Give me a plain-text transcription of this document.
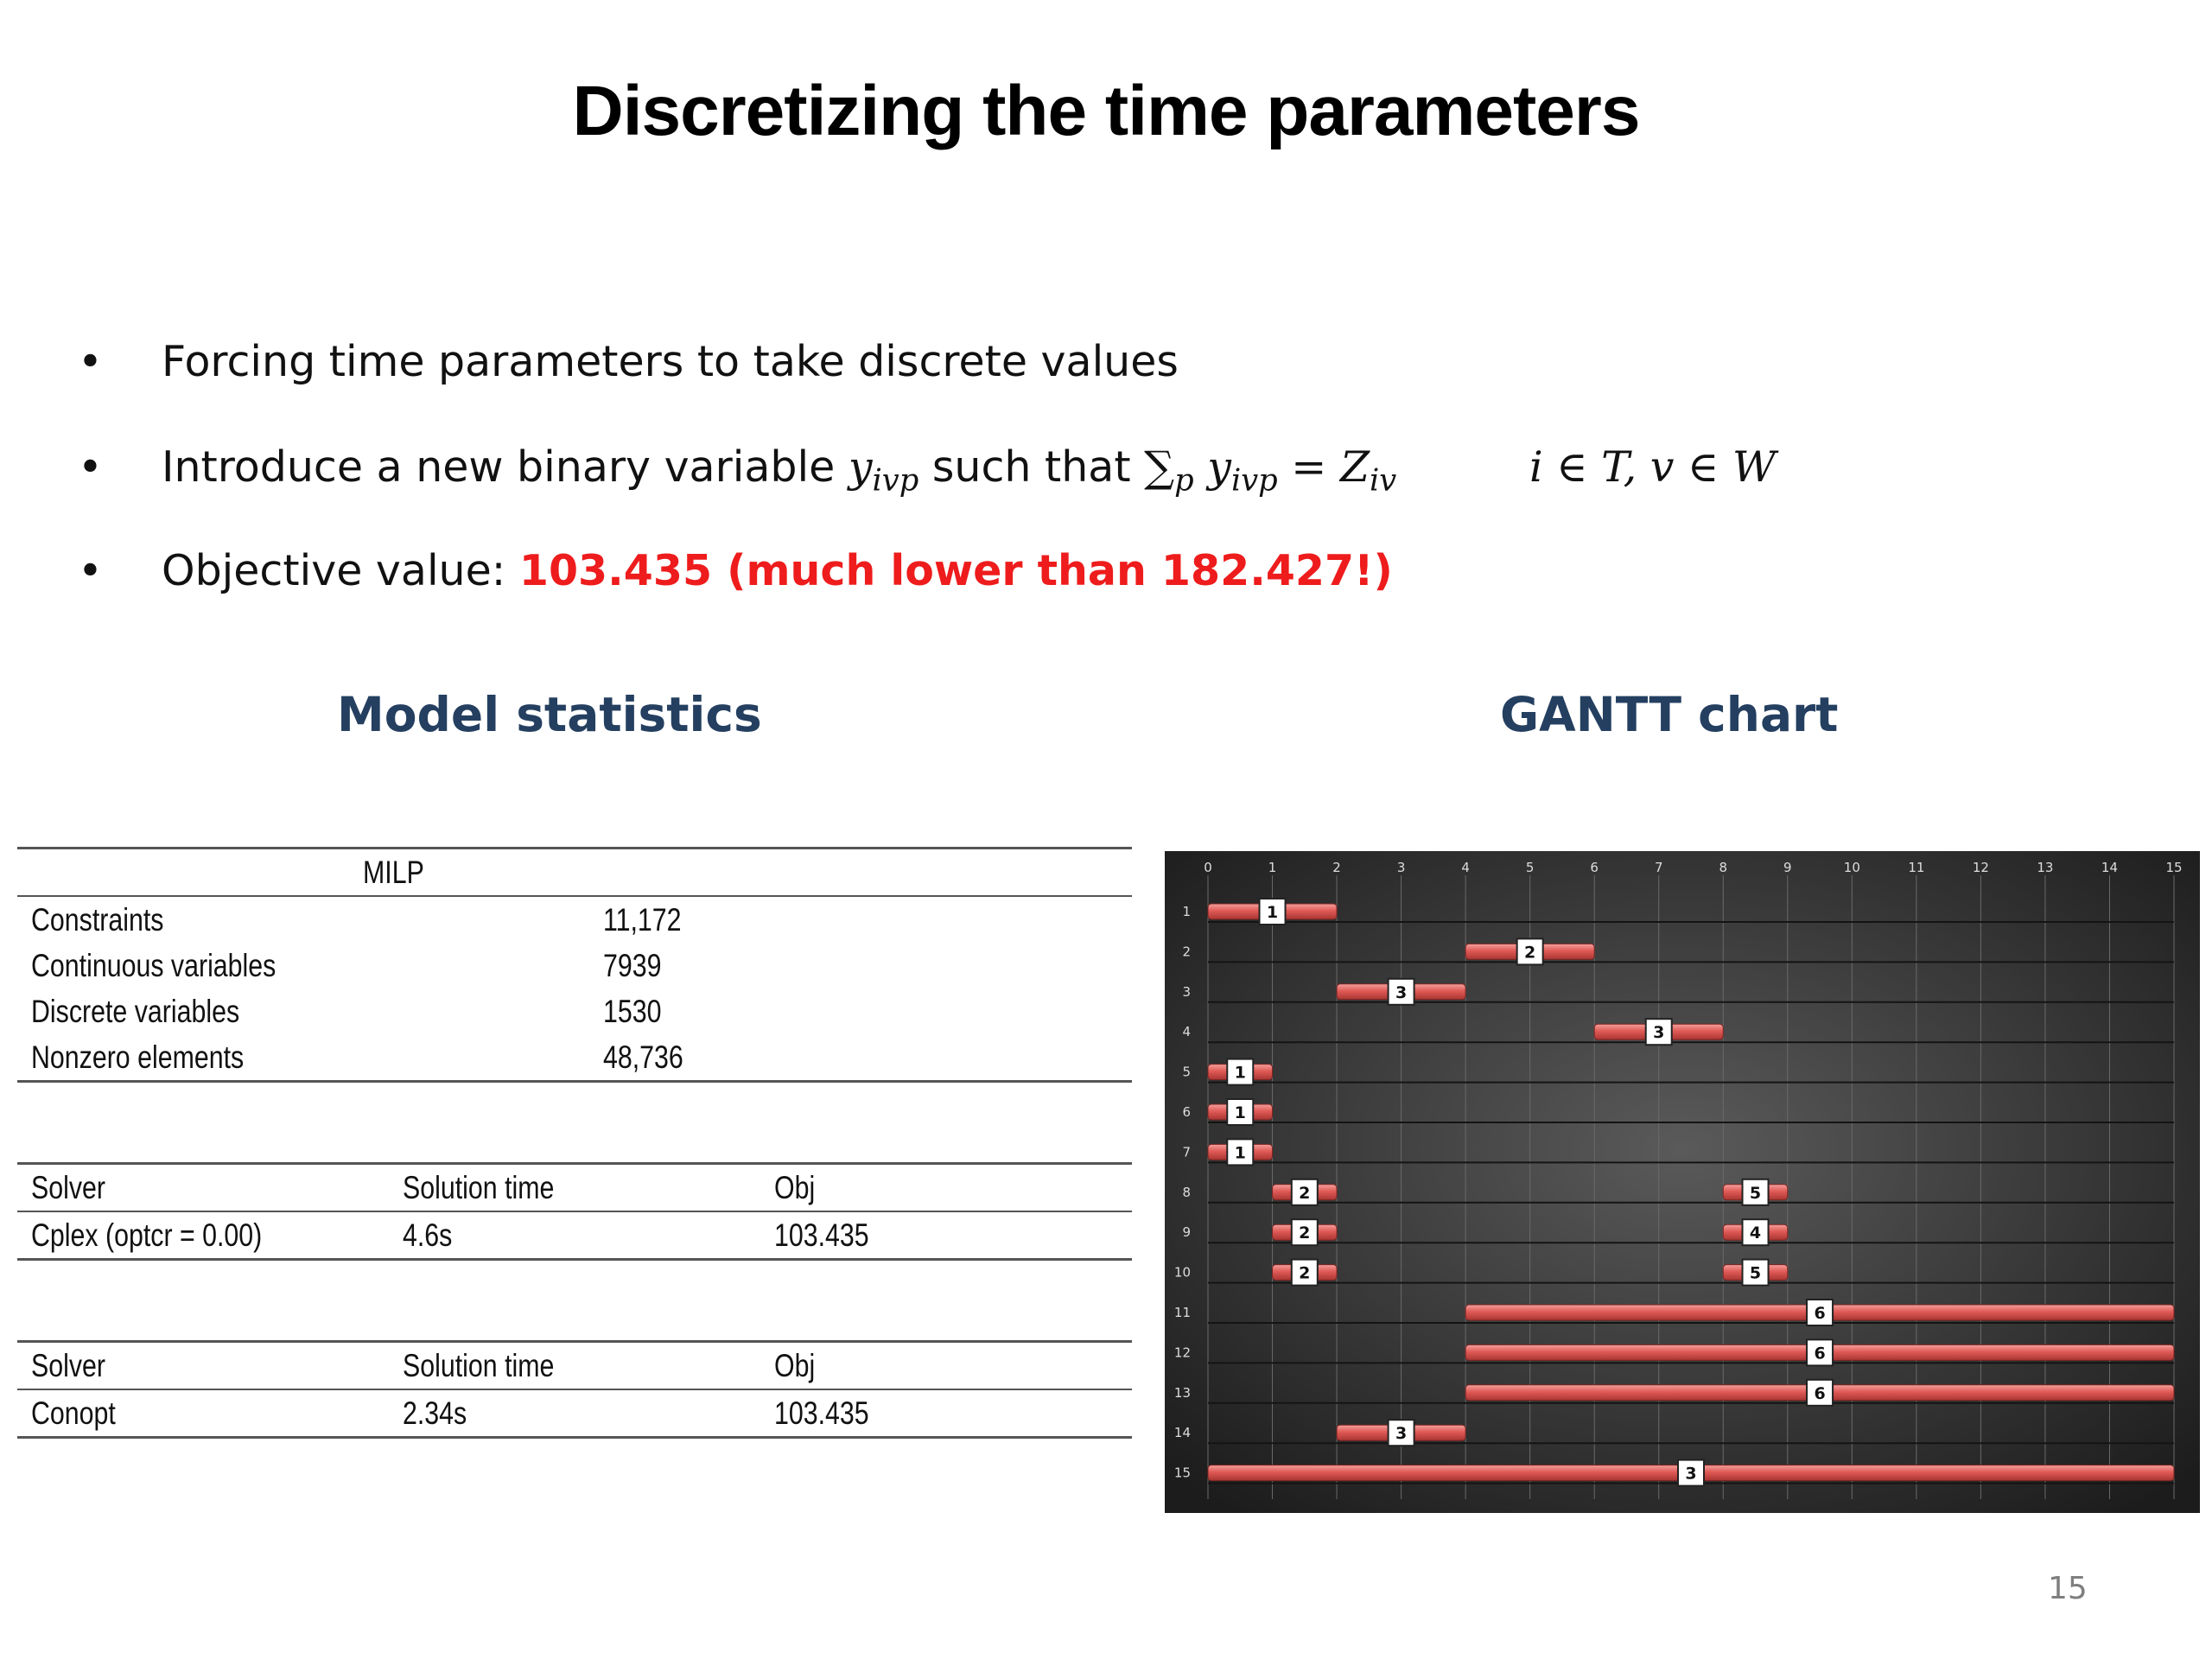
Discretizing the time parameters
• Forcing time parameters to take discrete values
• Introduce a new binary variable $y_{ivp}$ such that $\sum_p$ $y_{ivp} = Z_{iv}$	i ∈ T, v ∈ W
• Objective value: 103.435 (much lower than 182.427!)
Model statistics	GANTT chart
	MILP	
Constraints	11,172	
Continuous variables	7939	
Discrete variables	1530	
Nonzero elements	48,736	

Solver	Solution time	Obj
Cplex (optcr = 0.00)	4.6s	103.435

Solver	Solution time	Obj
Conopt	2.34s	103.435
0	1	2	3	4	5	6	7	8	9	10	11	12	13	14	15
1
2
3
4
5
6
7
8
9
10
11
12
13
14
15
1
2
3
3
1
1
1
2	5
2	4
2	5
6
6
6
3
3
15
